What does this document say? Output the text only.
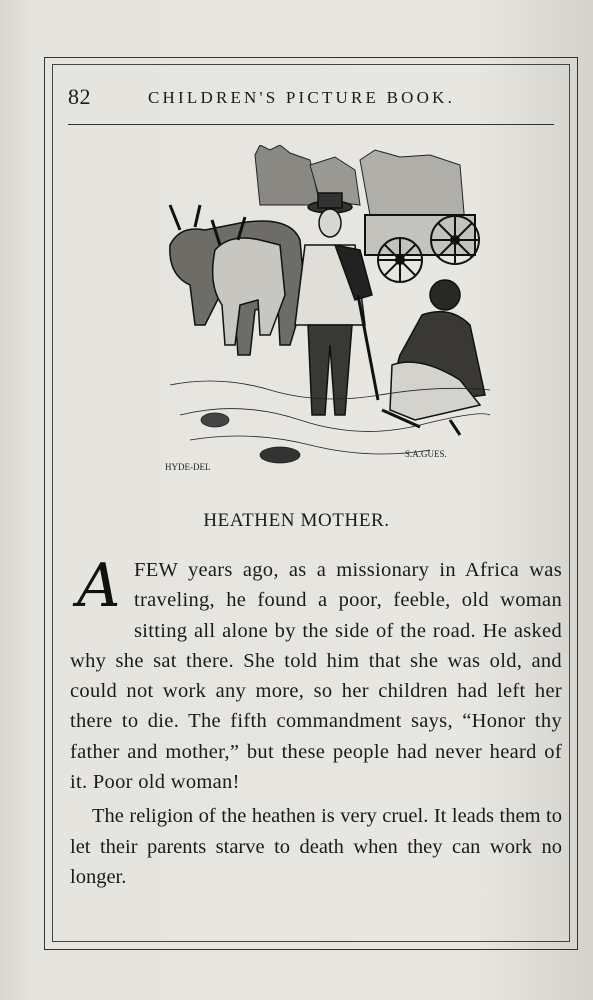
82	CHILDREN'S PICTURE BOOK.
HYDE-DEL
S.A.GUES.
HEATHEN MOTHER.

A FEW years ago, as a missionary in Africa was traveling, he found a poor, feeble, old woman sitting all alone by the side of the road. He asked why she sat there. She told him that she was old, and could not work any more, so her children had left her there to die. The fifth commandment says, “Honor thy father and mother,” but these people had never heard of it. Poor old woman!

The religion of the heathen is very cruel. It leads them to let their parents starve to death when they can work no longer.
